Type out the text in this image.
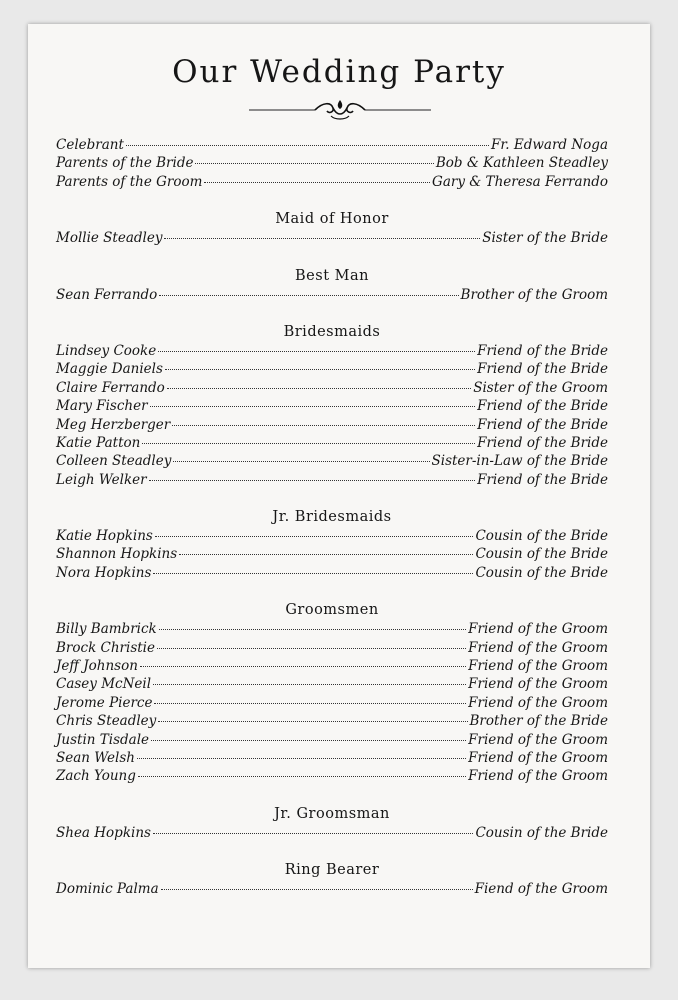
Our Wedding Party
Celebrant	Fr. Edward Noga
Parents of the Bride	Bob & Kathleen Steadley
Parents of the Groom	Gary & Theresa Ferrando
Maid of Honor
Mollie Steadley	Sister of the Bride
Best Man
Sean Ferrando	Brother of the Groom
Bridesmaids
Lindsey Cooke	Friend of the Bride
Maggie Daniels	Friend of the Bride
Claire Ferrando	Sister of the Groom
Mary Fischer	Friend of the Bride
Meg Herzberger	Friend of the Bride
Katie Patton	Friend of the Bride
Colleen Steadley	Sister-in-Law of the Bride
Leigh Welker	Friend of the Bride
Jr. Bridesmaids
Katie Hopkins	Cousin of the Bride
Shannon Hopkins	Cousin of the Bride
Nora Hopkins	Cousin of the Bride
Groomsmen
Billy Bambrick	Friend of the Groom
Brock Christie	Friend of the Groom
Jeff Johnson	Friend of the Groom
Casey McNeil	Friend of the Groom
Jerome Pierce	Friend of the Groom
Chris Steadley	Brother of the Bride
Justin Tisdale	Friend of the Groom
Sean Welsh	Friend of the Groom
Zach Young	Friend of the Groom
Jr. Groomsman
Shea Hopkins	Cousin of the Bride
Ring Bearer
Dominic Palma	Fiend of the Groom
